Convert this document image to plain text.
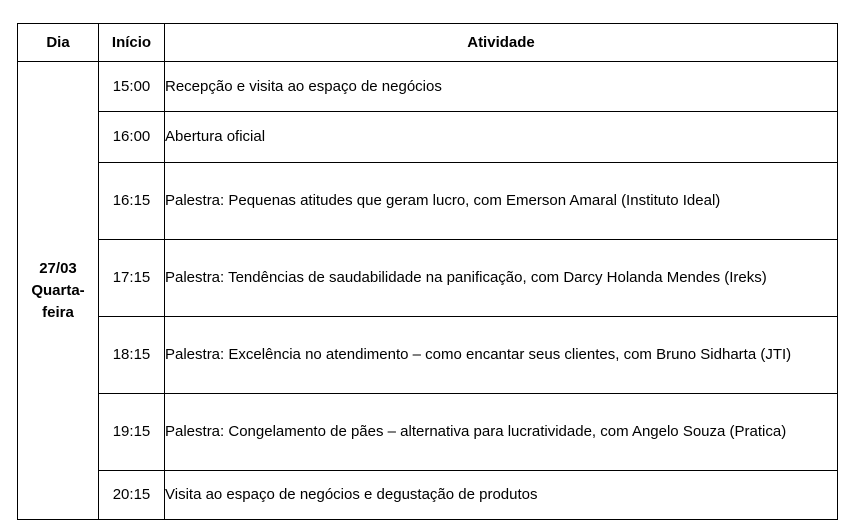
Dia	Início	Atividade

27/03
Quarta-
feira	15:00	Recepção e visita ao espaço de negócios
	16:00	Abertura oficial
	16:15	Palestra: Pequenas atitudes que geram lucro, com Emerson Amaral (Instituto Ideal)
	17:15	Palestra: Tendências de saudabilidade na panificação, com Darcy Holanda Mendes (Ireks)
	18:15	Palestra: Excelência no atendimento – como encantar seus clientes, com Bruno Sidharta (JTI)
	19:15	Palestra: Congelamento de pães – alternativa para lucratividade, com Angelo Souza (Pratica)
	20:15	Visita ao espaço de negócios e degustação de produtos
